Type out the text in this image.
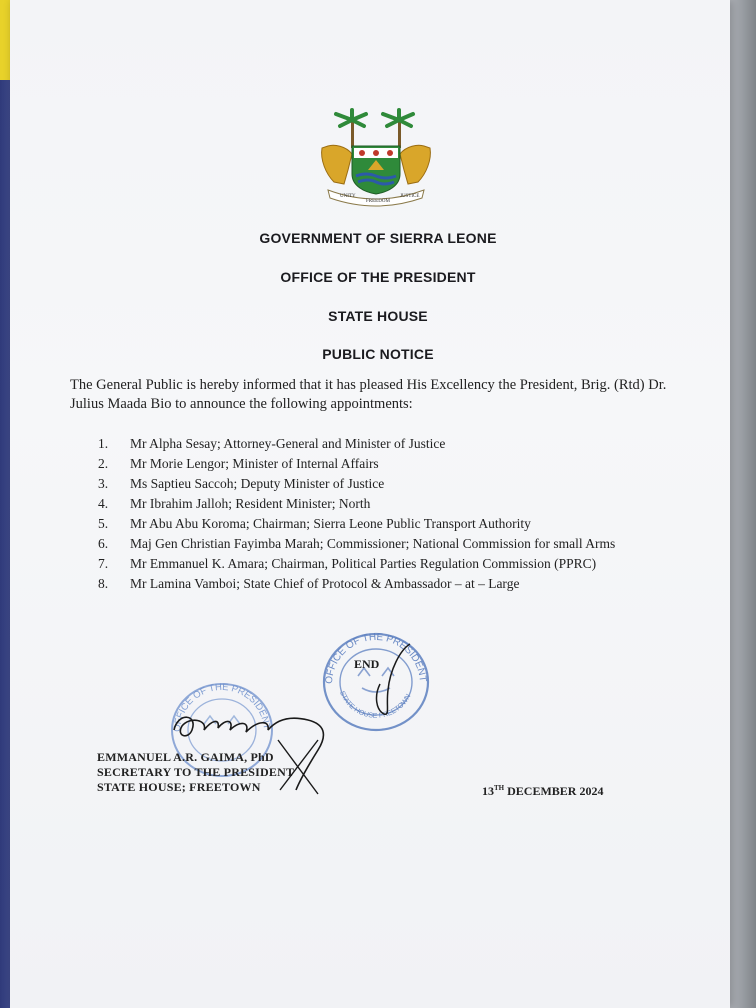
UNITY
FREEDOM
JUSTICE
GOVERNMENT OF SIERRA LEONE
OFFICE OF THE PRESIDENT
STATE HOUSE
PUBLIC NOTICE
The General Public is hereby informed that it has pleased His Excellency the President, Brig. (Rtd) Dr. Julius Maada Bio to announce the following appointments:
1. Mr Alpha Sesay; Attorney-General and Minister of Justice
2. Mr Morie Lengor; Minister of Internal Affairs
3. Ms Saptieu Saccoh; Deputy Minister of Justice
4. Mr Ibrahim Jalloh; Resident Minister; North
5. Mr Abu Abu Koroma; Chairman; Sierra Leone Public Transport Authority
6. Maj Gen Christian Fayimba Marah; Commissioner; National Commission for small Arms
7. Mr Emmanuel K. Amara; Chairman, Political Parties Regulation Commission (PPRC)
8. Mr Lamina Vamboi; State Chief of Protocol & Ambassador – at – Large
OFFICE OF THE PRESIDENT
STATE HOUSE FREETOWN
OFFICE OF THE PRESIDENT
END
EMMANUEL A.R. GAIMA, PhD
SECRETARY TO THE PRESIDENT
STATE HOUSE; FREETOWN	13TH DECEMBER 2024
